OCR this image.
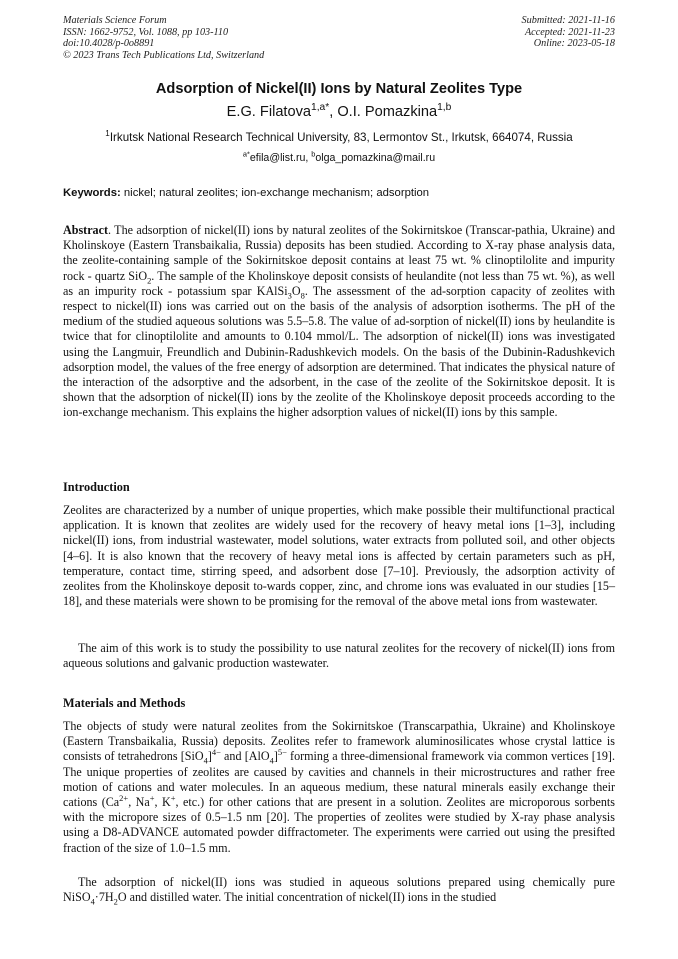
Materials Science Forum
ISSN: 1662-9752, Vol. 1088, pp 103-110
doi:10.4028/p-0o8891
© 2023 Trans Tech Publications Ltd, Switzerland
Submitted: 2021-11-16
Accepted: 2021-11-23
Online: 2023-05-18
Adsorption of Nickel(II) Ions by Natural Zeolites Type
E.G. Filatova$^{1,a*}$, O.I. Pomazkina$^{1,b}$
$^1$Irkutsk National Research Technical University, 83, Lermontov St., Irkutsk, 664074, Russia
$^{a*}$efila@list.ru, $^b$olga_pomazkina@mail.ru
Keywords: nickel; natural zeolites; ion-exchange mechanism; adsorption

Abstract. The adsorption of nickel(II) ions by natural zeolites of the Sokirnitskoe (Transcar-pathia, Ukraine) and Kholinskoye (Eastern Transbaikalia, Russia) deposits has been studied. According to X-ray phase analysis data, the zeolite-containing sample of the Sokirnitskoe deposit contains at least 75 wt. % clinoptilolite and impurity rock - quartz SiO$_2$. The sample of the Kholinskoye deposit consists of heulandite (not less than 75 wt. %), as well as an impurity rock - potassium spar $KAlSi_3O_8$. The assessment of the ad-sorption capacity of zeolites with respect to nickel(II) ions was carried out on the basis of the analysis of adsorption isotherms. The pH of the medium of the studied aqueous solutions was 5.5–5.8. The value of ad-sorption of nickel(II) ions by heulandite is twice that for clinoptilolite and amounts to 0.104 mmol/L. The adsorption of nickel(II) ions was investigated using the Langmuir, Freundlich and Dubinin-Radushkevich models. On the basis of the Dubinin-Radushkevich adsorption model, the values of the free energy of adsorption are determined. That indicates the physical nature of the interaction of the adsorptive and the adsorbent, in the case of the zeolite of the Sokirnitskoe deposit. It is shown that the adsorption of nickel(II) ions by the zeolite of the Kholinskoye deposit proceeds according to the ion-exchange mechanism. This explains the higher adsorption values of nickel(II) ions by this sample.

Introduction

Zeolites are characterized by a number of unique properties, which make possible their multifunctional practical application. It is known that zeolites are widely used for the recovery of heavy metal ions [1–3], including nickel(II) ions, from industrial wastewater, model solutions, water extracts from polluted soil, and other objects [4–6]. It is also known that the recovery of heavy metal ions is affected by certain parameters such as pH, temperature, contact time, stirring speed, and adsorbent dose [7–10]. Previously, the adsorption activity of zeolites from the Kholinskoye deposit to-wards copper, zinc, and chrome ions was evaluated in our studies [15–18], and these materials were shown to be promising for the removal of the above metal ions from wastewater.

The aim of this work is to study the possibility to use natural zeolites for the recovery of nickel(II) ions from aqueous solutions and galvanic production wastewater.

Materials and Methods

The objects of study were natural zeolites from the Sokirnitskoe (Transcarpathia, Ukraine) and Kholinskoye (Eastern Transbaikalia, Russia) deposits. Zeolites refer to framework aluminosilicates whose crystal lattice is consists of tetrahedrons $[SiO_4]^{4-}$ and $[AlO_4]^{5-}$ forming a three-dimensional framework via common vertices [19]. The unique properties of zeolites are caused by cavities and channels in their microstructures and rather free motion of cations and water molecules. In an aqueous medium, these natural minerals easily exchange their cations ($Ca^{2+}$, Na+, K+, etc.) for other cations that are present in a solution. Zeolites are microporous sorbents with the micropore sizes of 0.5–1.5 nm [20]. The properties of zeolites were studied by X-ray phase analysis using a D8-ADVANCE automated powder diffractometer. The experiments were carried out using the presifted fraction of the size of 1.0–1.5 mm.

The adsorption of nickel(II) ions was studied in aqueous solutions prepared using chemically pure $NiSO_4\cdot 7H_2O$ and distilled water. The initial concentration of nickel(II) ions in the studied
